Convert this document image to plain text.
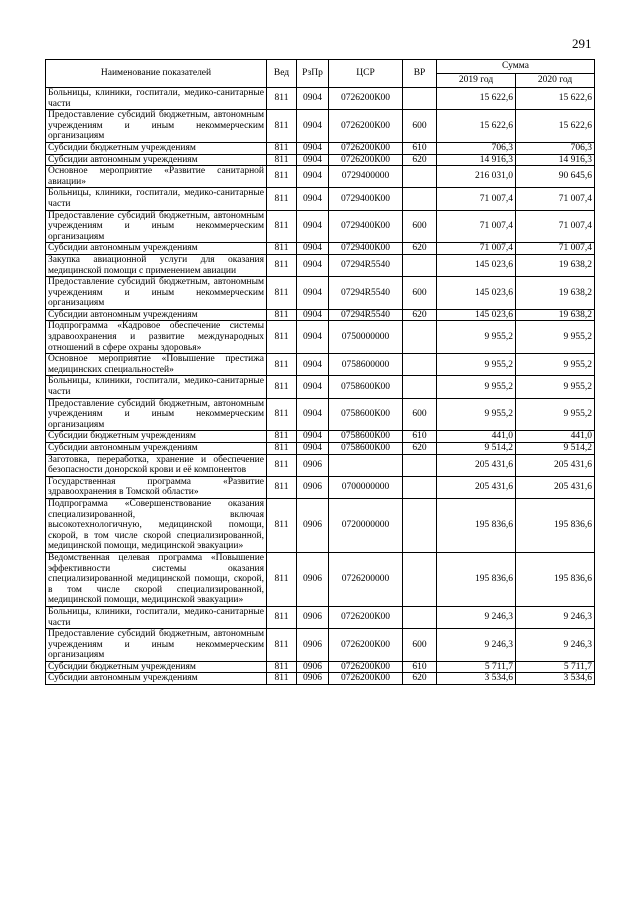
291
Наименование показателей	Вед	РзПр	ЦСР	ВР	Сумма	
					2019 год	2020 год
Больницы, клиники, госпитали, медико-санитарные части	811	0904	0726200К00		15 622,6	15 622,6
Предоставление субсидий бюджетным, автономным учреждениям и иным некоммерческим организациям	811	0904	0726200К00	600	15 622,6	15 622,6
Субсидии бюджетным учреждениям	811	0904	0726200К00	610	706,3	706,3
Субсидии автономным учреждениям	811	0904	0726200К00	620	14 916,3	14 916,3
Основное мероприятие «Развитие санитарной авиации»	811	0904	0729400000		216 031,0	90 645,6
Больницы, клиники, госпитали, медико-санитарные части	811	0904	0729400К00		71 007,4	71 007,4
Предоставление субсидий бюджетным, автономным учреждениям и иным некоммерческим организациям	811	0904	0729400К00	600	71 007,4	71 007,4
Субсидии автономным учреждениям	811	0904	0729400К00	620	71 007,4	71 007,4
Закупка авиационной услуги для оказания медицинской помощи с применением авиации	811	0904	07294R5540		145 023,6	19 638,2
Предоставление субсидий бюджетным, автономным учреждениям и иным некоммерческим организациям	811	0904	07294R5540	600	145 023,6	19 638,2
Субсидии автономным учреждениям	811	0904	07294R5540	620	145 023,6	19 638,2
Подпрограмма «Кадровое обеспечение системы здравоохранения и развитие международных отношений в сфере охраны здоровья»	811	0904	0750000000		9 955,2	9 955,2
Основное мероприятие «Повышение престижа медицинских специальностей»	811	0904	0758600000		9 955,2	9 955,2
Больницы, клиники, госпитали, медико-санитарные части	811	0904	0758600К00		9 955,2	9 955,2
Предоставление субсидий бюджетным, автономным учреждениям и иным некоммерческим организациям	811	0904	0758600К00	600	9 955,2	9 955,2
Субсидии бюджетным учреждениям	811	0904	0758600К00	610	441,0	441,0
Субсидии автономным учреждениям	811	0904	0758600К00	620	9 514,2	9 514,2
Заготовка, переработка, хранение и обеспечение безопасности донорской крови и её компонентов	811	0906			205 431,6	205 431,6
Государственная программа «Развитие здравоохранения в Томской области»	811	0906	0700000000		205 431,6	205 431,6
Подпрограмма «Совершенствование оказания специализированной, включая высокотехнологичную, медицинской помощи, скорой, в том числе скорой специализированной, медицинской помощи, медицинской эвакуации»	811	0906	0720000000		195 836,6	195 836,6
Ведомственная целевая программа «Повышение эффективности системы оказания специализированной медицинской помощи, скорой, в том числе скорой специализированной, медицинской помощи, медицинской эвакуации»	811	0906	0726200000		195 836,6	195 836,6
Больницы, клиники, госпитали, медико-санитарные части	811	0906	0726200К00		9 246,3	9 246,3
Предоставление субсидий бюджетным, автономным учреждениям и иным некоммерческим организациям	811	0906	0726200К00	600	9 246,3	9 246,3
Субсидии бюджетным учреждениям	811	0906	0726200К00	610	5 711,7	5 711,7
Субсидии автономным учреждениям	811	0906	0726200К00	620	3 534,6	3 534,6
